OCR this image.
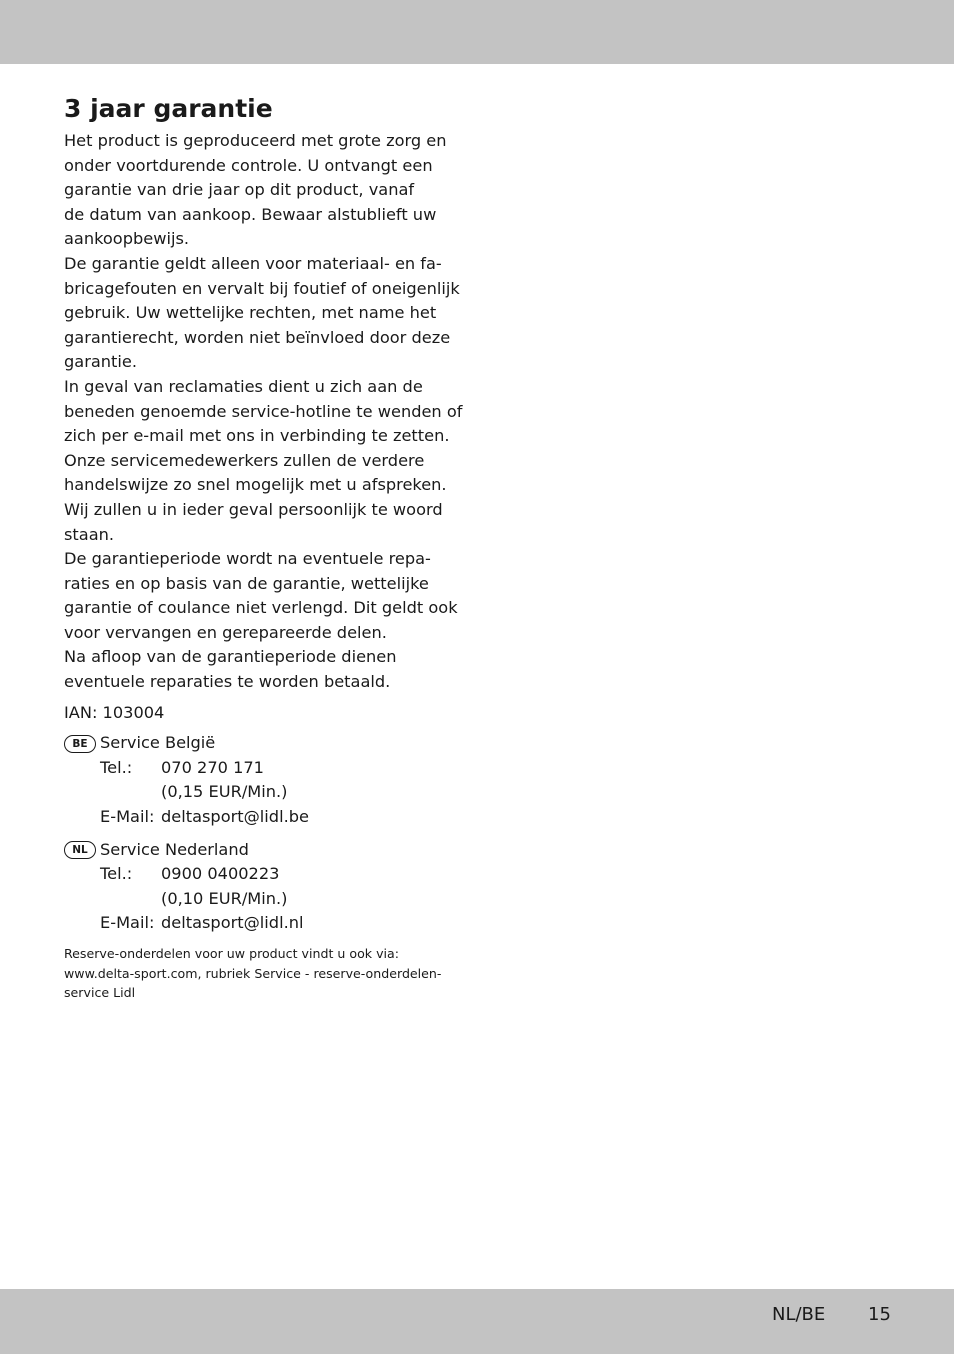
3 jaar garantie

Het product is geproduceerd met grote zorg en
onder voortdurende controle. U ontvangt een
garantie van drie jaar op dit product, vanaf
de datum van aankoop. Bewaar alstublieft uw
aankoopbewijs.

De garantie geldt alleen voor materiaal- en fa-
bricagefouten en vervalt bij foutief of oneigenlijk
gebruik. Uw wettelijke rechten, met name het
garantierecht, worden niet beïnvloed door deze
garantie.

In geval van reclamaties dient u zich aan de
beneden genoemde service-hotline te wenden of
zich per e-mail met ons in verbinding te zetten.
Onze servicemedewerkers zullen de verdere
handelswijze zo snel mogelijk met u afspreken.
Wij zullen u in ieder geval persoonlijk te woord
staan.

De garantieperiode wordt na eventuele repa-
raties en op basis van de garantie, wettelijke
garantie of coulance niet verlengd. Dit geldt ook
voor vervangen en gerepareerde delen.

Na afloop van de garantieperiode dienen
eventuele reparaties te worden betaald.

IAN: 103004

BE Service België
Tel.:	070 270 171
(0,15 EUR/Min.)
E-Mail: deltasport@lidl.be
NL Service Nederland
Tel.:	0900 0400223
(0,10 EUR/Min.)
E-Mail: deltasport@lidl.nl

Reserve-onderdelen voor uw product vindt u ook via:
www.delta-sport.com, rubriek Service - reserve-onderdelen-
service Lidl

NL/BE 15
